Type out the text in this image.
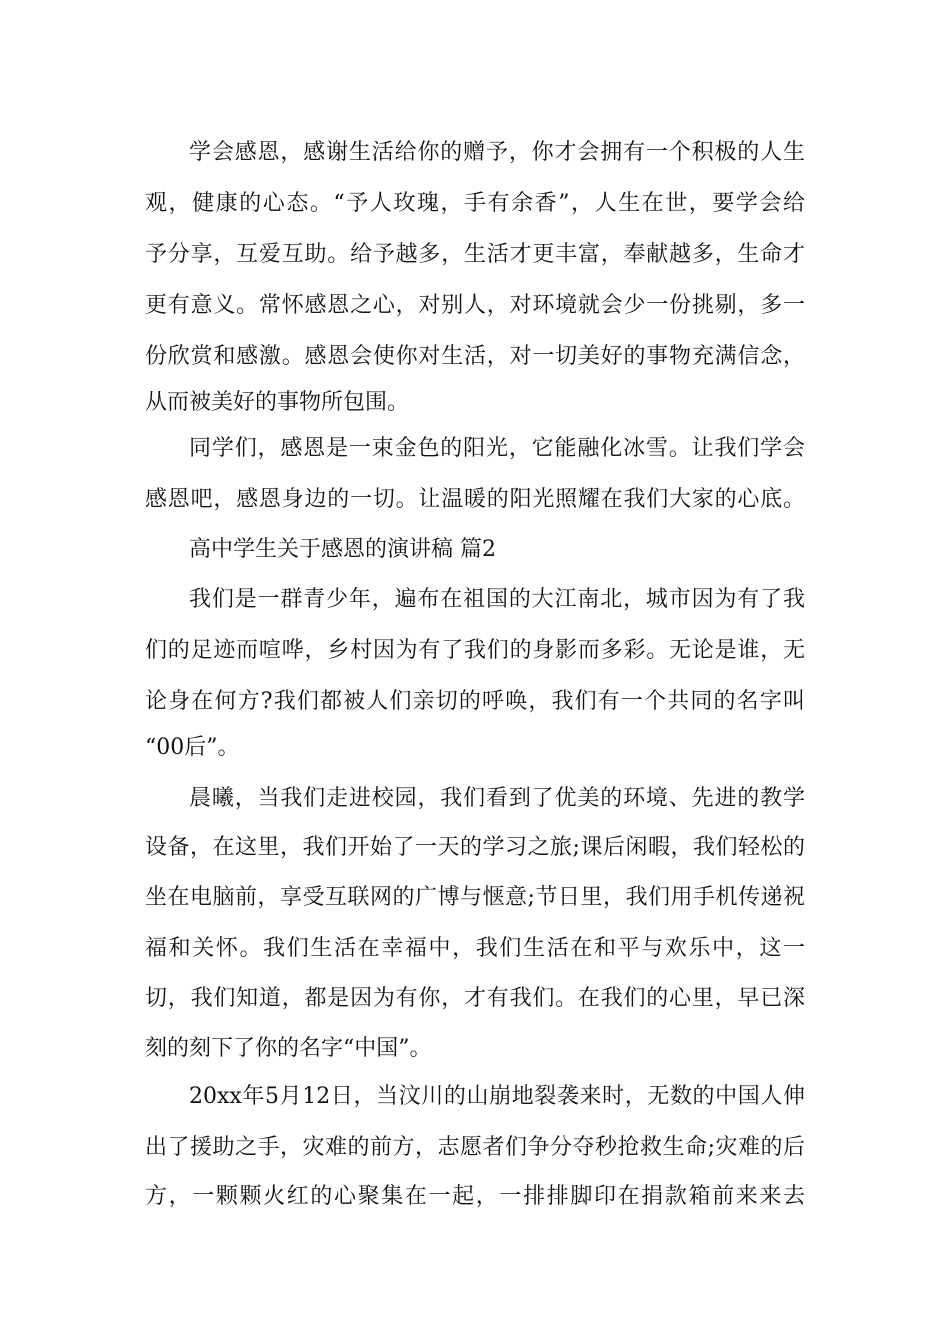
学会感恩，感谢生活给你的赠予，你才会拥有一个积极的人生
观，健康的心态。“予人玫瑰，手有余香”，人生在世，要学会给
予分享，互爱互助。给予越多，生活才更丰富，奉献越多，生命才
更有意义。常怀感恩之心，对别人，对环境就会少一份挑剔，多一
份欣赏和感激。感恩会使你对生活，对一切美好的事物充满信念，
从而被美好的事物所包围。
同学们，感恩是一束金色的阳光，它能融化冰雪。让我们学会
感恩吧，感恩身边的一切。让温暖的阳光照耀在我们大家的心底。
高中学生关于感恩的演讲稿 篇2
我们是一群青少年，遍布在祖国的大江南北，城市因为有了我
们的足迹而喧哗，乡村因为有了我们的身影而多彩。无论是谁，无
论身在何方?我们都被人们亲切的呼唤，我们有一个共同的名字叫
“00后”。
晨曦，当我们走进校园，我们看到了优美的环境、先进的教学
设备，在这里，我们开始了一天的学习之旅;课后闲暇，我们轻松的
坐在电脑前，享受互联网的广博与惬意;节日里，我们用手机传递祝
福和关怀。我们生活在幸福中，我们生活在和平与欢乐中，这一
切，我们知道，都是因为有你，才有我们。在我们的心里，早已深
刻的刻下了你的名字“中国”。
20xx年5月12日，当汶川的山崩地裂袭来时，无数的中国人伸
出了援助之手，灾难的前方，志愿者们争分夺秒抢救生命;灾难的后
方，一颗颗火红的心聚集在一起，一排排脚印在捐款箱前来来去
